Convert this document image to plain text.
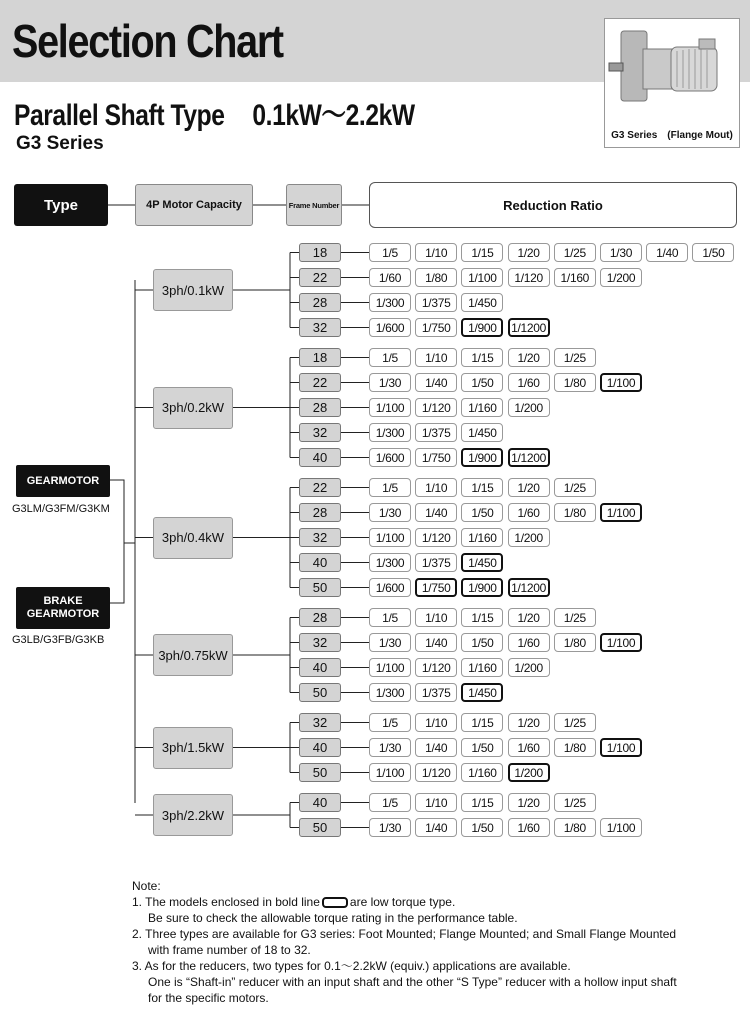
Selection Chart
Parallel Shaft Type 0.1kW～2.2kW
G3 Series	G3 Series　(Flange Mout)
Type	4P Motor Capacity	Frame Number	Reduction Ratio
GEARMOTOR
G3LM/G3FM/G3KM
BRAKE GEARMOTOR
G3LB/G3FB/G3KB
3ph/0.1kW
18	1/5	1/10	1/15	1/20	1/25	1/30	1/40	1/50
22	1/60	1/80	1/100	1/120	1/160	1/200
28	1/300	1/375	1/450
32	1/600	1/750	1/900	1/1200
3ph/0.2kW
18	1/5	1/10	1/15	1/20	1/25
22	1/30	1/40	1/50	1/60	1/80	1/100
28	1/100	1/120	1/160	1/200
32	1/300	1/375	1/450
40	1/600	1/750	1/900	1/1200
3ph/0.4kW
22	1/5	1/10	1/15	1/20	1/25
28	1/30	1/40	1/50	1/60	1/80	1/100
32	1/100	1/120	1/160	1/200
40	1/300	1/375	1/450
50	1/600	1/750	1/900	1/1200
3ph/0.75kW
28	1/5	1/10	1/15	1/20	1/25
32	1/30	1/40	1/50	1/60	1/80	1/100
40	1/100	1/120	1/160	1/200
50	1/300	1/375	1/450
3ph/1.5kW
32	1/5	1/10	1/15	1/20	1/25
40	1/30	1/40	1/50	1/60	1/80	1/100
50	1/100	1/120	1/160	1/200
3ph/2.2kW
40	1/5	1/10	1/15	1/20	1/25
50	1/30	1/40	1/50	1/60	1/80	1/100
Note:
1. The models enclosed in bold line	are low torque type.
Be sure to check the allowable torque rating in the performance table.
2. Three types are available for G3 series: Foot Mounted; Flange Mounted; and Small Flange Mounted
with frame number of 18 to 32.
3. As for the reducers, two types for 0.1～2.2kW (equiv.) applications are available.
One is “Shaft-in” reducer with an input shaft and the other “S Type” reducer with a hollow input shaft
for the specific motors.
